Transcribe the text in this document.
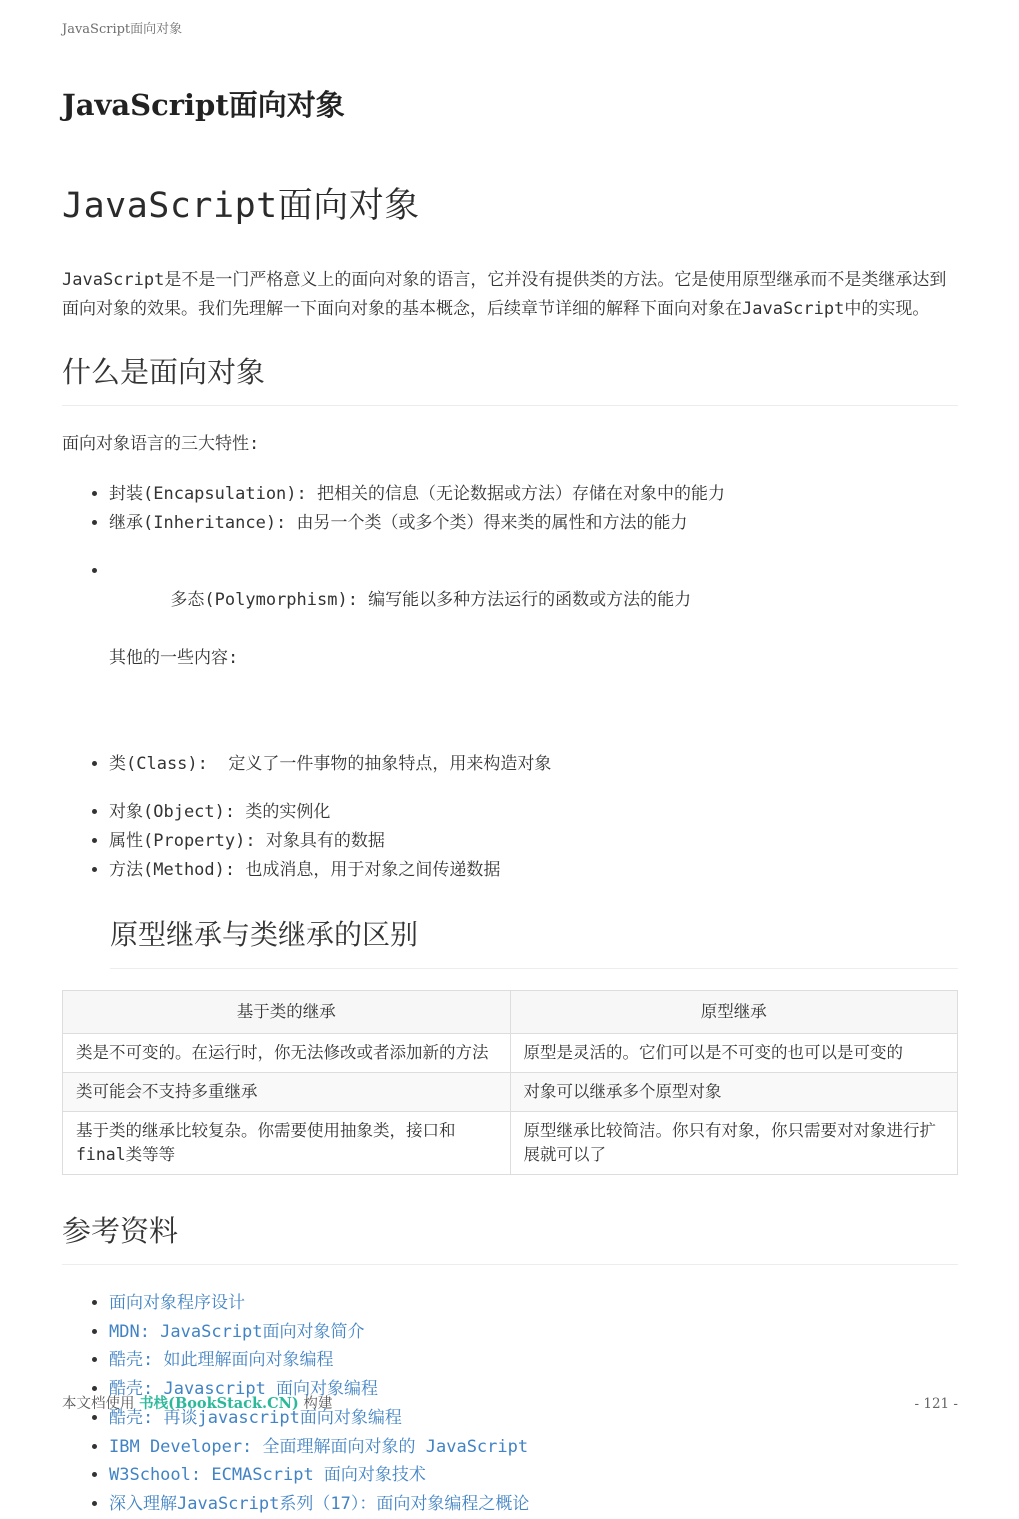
JavaScript面向对象
JavaScript面向对象
JavaScript面向对象

JavaScript是不是一门严格意义上的面向对象的语言，它并没有提供类的方法。它是使用原型继承而不是类继承达到面向对象的效果。我们先理解一下面向对象的基本概念，后续章节详细的解释下面向对象在JavaScript中的实现。

什么是面向对象

面向对象语言的三大特性:

• 封装(Encapsulation): 把相关的信息（无论数据或方法）存储在对象中的能力
• 继承(Inheritance): 由另一个类（或多个类）得来类的属性和方法的能力

• 多态(Polymorphism): 编写能以多种方法运行的函数或方法的能力

其他的一些内容:

• 类(Class):  定义了一件事物的抽象特点，用来构造对象
• 对象(Object): 类的实例化
• 属性(Property): 对象具有的数据
• 方法(Method): 也成消息，用于对象之间传递数据
原型继承与类继承的区别
基于类的继承	原型继承
类是不可变的。在运行时，你无法修改或者添加新的方法	原型是灵活的。它们可以是不可变的也可以是可变的
类可能会不支持多重继承	对象可以继承多个原型对象
基于类的继承比较复杂。你需要使用抽象类，接口和final类等等	原型继承比较简洁。你只有对象，你只需要对对象进行扩展就可以了
参考资料
• 面向对象程序设计
• MDN: JavaScript面向对象简介
• 酷壳: 如此理解面向对象编程
• 酷壳: Javascript 面向对象编程
• 酷壳: 再谈javascript面向对象编程
• IBM Developer: 全面理解面向对象的 JavaScript
• W3School: ECMAScript 面向对象技术
• 深入理解JavaScript系列（17）：面向对象编程之概论
本文档使用 书栈(BookStack.CN) 构建	- 121 -
